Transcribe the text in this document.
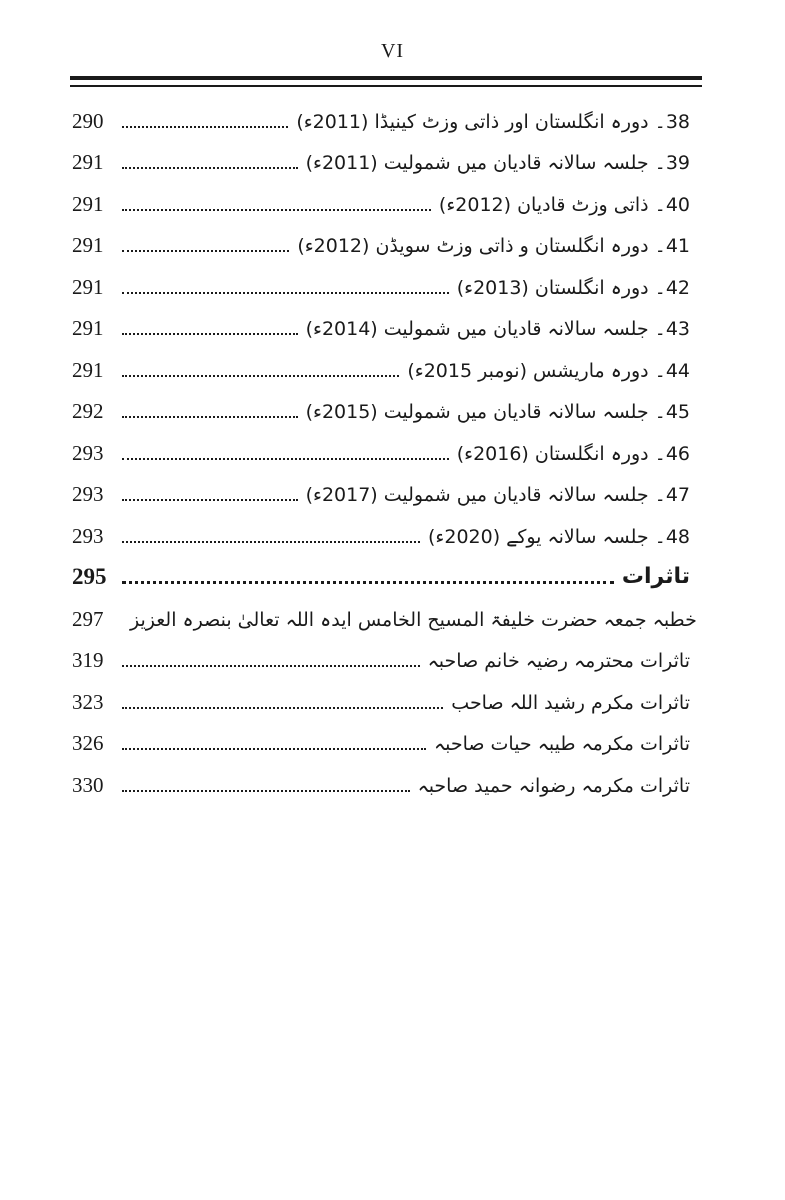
VI
290	38۔ دورہ انگلستان اور ذاتی وزٹ کینیڈا (2011ء)
291	39۔ جلسہ سالانہ قادیان میں شمولیت (2011ء)
291	40۔ ذاتی وزٹ قادیان (2012ء)
291	41۔ دورہ انگلستان و ذاتی وزٹ سویڈن (2012ء)
291	42۔ دورہ انگلستان (2013ء)
291	43۔ جلسہ سالانہ قادیان میں شمولیت (2014ء)
291	44۔ دورہ ماریشس (نومبر 2015ء)
292	45۔ جلسہ سالانہ قادیان میں شمولیت (2015ء)
293	46۔ دورہ انگلستان (2016ء)
293	47۔ جلسہ سالانہ قادیان میں شمولیت (2017ء)
293	48۔ جلسہ سالانہ یوکے (2020ء)
295	تاثرات
297	خطبہ جمعہ حضرت خلیفۃ المسیح الخامس ایدہ اللہ تعالیٰ بنصرہ العزیز
319	تاثرات محترمہ رضیہ خانم صاحبہ
323	تاثرات مکرم رشید اللہ صاحب
326	تاثرات مکرمہ طیبہ حیات صاحبہ
330	تاثرات مکرمہ رضوانہ حمید صاحبہ
